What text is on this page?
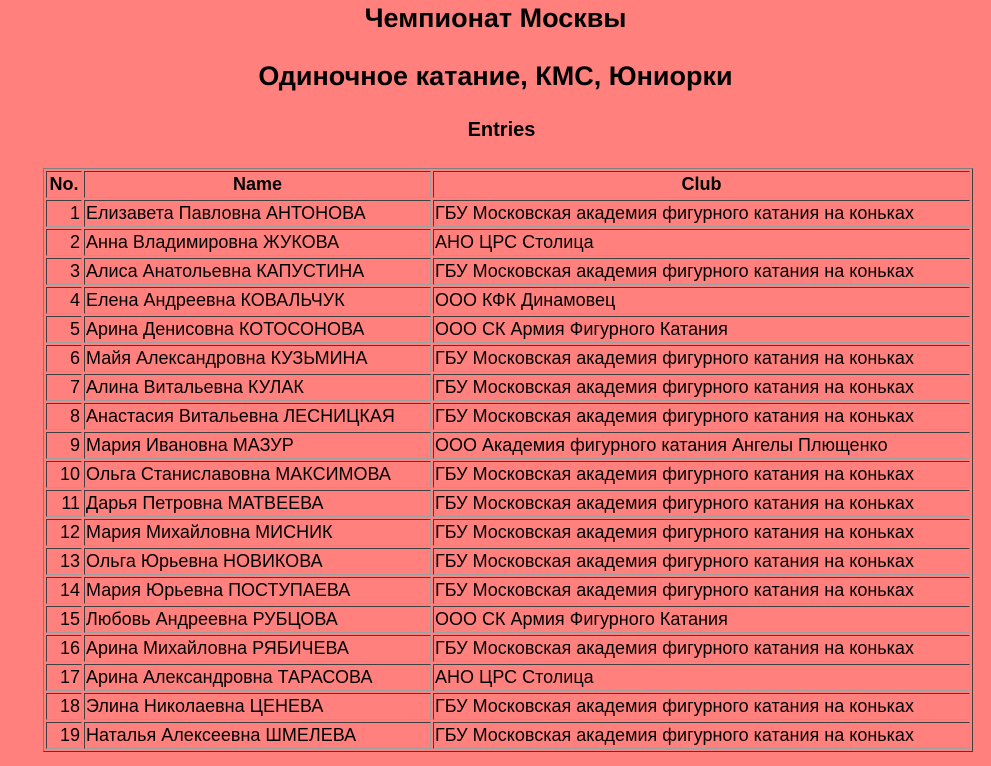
Чемпионат Москвы
Одиночное катание, КМС, Юниорки
Entries
No.	Name	Club
1	Елизавета Павловна АНТОНОВА	ГБУ Московская академия фигурного катания на коньках
2	Анна Владимировна ЖУКОВА	АНО ЦРС Столица
3	Алиса Анатольевна КАПУСТИНА	ГБУ Московская академия фигурного катания на коньках
4	Елена Андреевна КОВАЛЬЧУК	ООО КФК Динамовец
5	Арина Денисовна КОТОСОНОВА	ООО СК Армия Фигурного Катания
6	Майя Александровна КУЗЬМИНА	ГБУ Московская академия фигурного катания на коньках
7	Алина Витальевна КУЛАК	ГБУ Московская академия фигурного катания на коньках
8	Анастасия Витальевна ЛЕСНИЦКАЯ	ГБУ Московская академия фигурного катания на коньках
9	Мария Ивановна МАЗУР	ООО Академия фигурного катания Ангелы Плющенко
10	Ольга Станиславовна МАКСИМОВА	ГБУ Московская академия фигурного катания на коньках
11	Дарья Петровна МАТВЕЕВА	ГБУ Московская академия фигурного катания на коньках
12	Мария Михайловна МИСНИК	ГБУ Московская академия фигурного катания на коньках
13	Ольга Юрьевна НОВИКОВА	ГБУ Московская академия фигурного катания на коньках
14	Мария Юрьевна ПОСТУПАЕВА	ГБУ Московская академия фигурного катания на коньках
15	Любовь Андреевна РУБЦОВА	ООО СК Армия Фигурного Катания
16	Арина Михайловна РЯБИЧЕВА	ГБУ Московская академия фигурного катания на коньках
17	Арина Александровна ТАРАСОВА	АНО ЦРС Столица
18	Элина Николаевна ЦЕНЕВА	ГБУ Московская академия фигурного катания на коньках
19	Наталья Алексеевна ШМЕЛЕВА	ГБУ Московская академия фигурного катания на коньках
